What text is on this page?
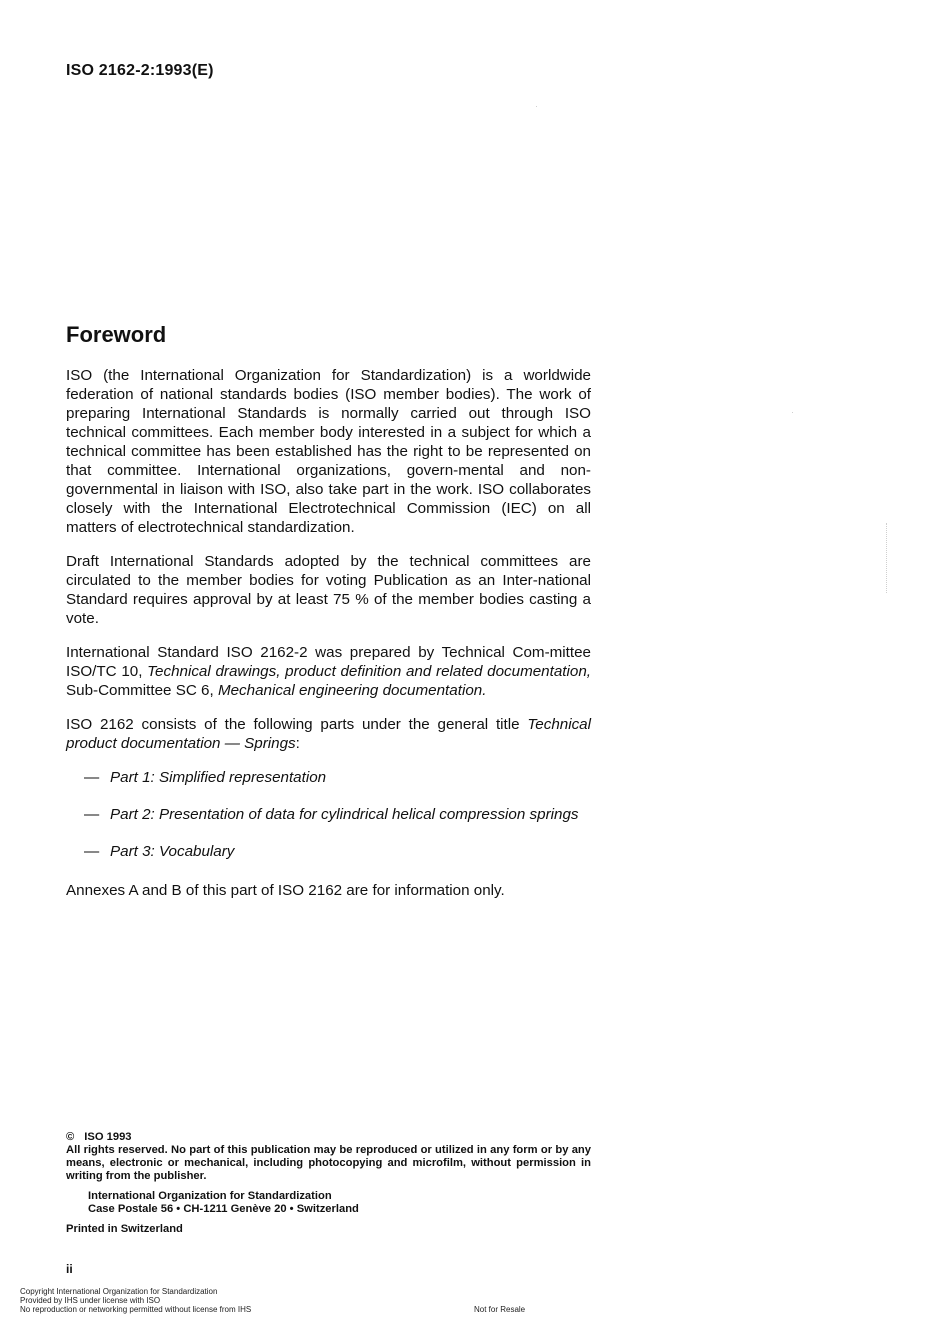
ISO 2162-2:1993(E)
Foreword

ISO (the International Organization for Standardization) is a worldwide federation of national standards bodies (ISO member bodies). The work of preparing International Standards is normally carried out through ISO technical committees. Each member body interested in a subject for which a technical committee has been established has the right to be represented on that committee. International organizations, govern-mental and non-governmental in liaison with ISO, also take part in the work. ISO collaborates closely with the International Electrotechnical Commission (IEC) on all matters of electrotechnical standardization.

Draft International Standards adopted by the technical committees are circulated to the member bodies for voting Publication as an Inter-national Standard requires approval by at least 75 % of the member bodies casting a vote.

International Standard ISO 2162-2 was prepared by Technical Com-mittee ISO/TC 10, Technical drawings, product definition and related documentation, Sub-Committee SC 6, Mechanical engineering documentation.

ISO 2162 consists of the following parts under the general title Technical product documentation — Springs:

— Part 1: Simplified representation
— Part 2: Presentation of data for cylindrical helical compression springs
— Part 3: Vocabulary

Annexes A and B of this part of ISO 2162 are for information only.

© ISO 1993
All rights reserved. No part of this publication may be reproduced or utilized in any form or by any means, electronic or mechanical, including photocopying and microfilm, without permission in writing from the publisher.
International Organization for Standardization
Case Postale 56 • CH-1211 Genève 20 • Switzerland
Printed in Switzerland
ii
Copyright International Organization for Standardization
Provided by IHS under license with ISO
No reproduction or networking permitted without license from IHS	Not for Resale
